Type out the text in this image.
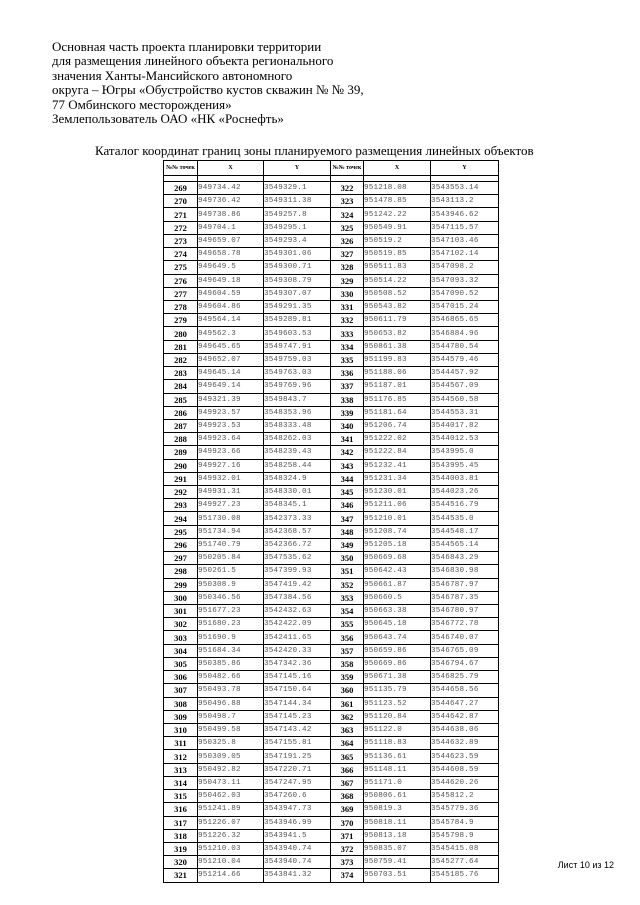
Основная часть проекта планировки территории
для размещения линейного объекта регионального
значения Ханты-Мансийского автономного
округа – Югры «Обустройство кустов скважин № № 39,
77 Омбинского месторождения»
Землепользователь ОАО «НК «Роснефть»
Каталог координат границ зоны планируемого размещения линейных объектов
№№ точек	X	Y	№№ точек	X	Y

269	949734.42	3549329.1	322	951218.08	3543553.14
270	949736.42	3549311.38	323	951478.85	3543113.2
271	949738.86	3549257.8	324	951242.22	3543946.62
272	949704.1	3549295.1	325	950549.91	3547115.57
273	949659.07	3549293.4	326	950519.2	3547103.46
274	949658.78	3549301.06	327	950519.85	3547102.14
275	949649.5	3549300.71	328	950511.83	3547098.2
276	949649.18	3549308.79	329	950514.22	3547093.32
277	949604.59	3549307.07	330	950508.52	3547090.52
278	949604.86	3549291.35	331	950543.82	3547015.24
279	949564.14	3549289.81	332	950611.79	3546865.65
280	949562.3	3549603.53	333	950653.82	3546884.96
281	949645.65	3549747.91	334	950861.38	3544780.54
282	949652.07	3549759.03	335	951199.83	3544579.46
283	949645.14	3549763.03	336	951188.06	3544457.92
284	949649.14	3549769.96	337	951187.01	3544567.09
285	949321.39	3549843.7	338	951176.85	3544560.58
286	949923.57	3548353.96	339	951181.64	3544553.31
287	949923.53	3548333.48	340	951206.74	3544017.82
288	949923.64	3548262.03	341	951222.02	3544012.53
289	949923.66	3548239.43	342	951222.84	3543995.0
290	949927.16	3548258.44	343	951232.41	3543995.45
291	949932.01	3548324.9	344	951231.34	3544003.81
292	949931.31	3548330.01	345	951230.01	3544023.26
293	949927.23	3548345.1	346	951211.06	3544516.79
294	951730.08	3542373.33	347	951210.01	3544535.0
295	951734.94	3542368.57	348	951208.74	3544548.17
296	951740.79	3542366.72	349	951205.18	3544565.14
297	950205.84	3547535.62	350	950669.68	3546843.29
298	950261.5	3547399.93	351	950642.43	3546830.98
299	950308.9	3547419.42	352	950661.87	3546787.97
300	950346.56	3547384.56	353	950660.5	3546787.35
301	951677.23	3542432.63	354	950663.38	3546780.97
302	951680.23	3542422.09	355	950645.18	3546772.78
303	951690.9	3542411.65	356	950643.74	3546740.07
304	951684.34	3542420.33	357	950659.86	3546765.09
305	950385.86	3547342.36	358	950669.86	3546794.67
306	950482.66	3547145.16	359	950671.38	3546825.79
307	950493.78	3547150.64	360	951135.79	3544658.56
308	950496.88	3547144.34	361	951123.52	3544647.27
309	950498.7	3547145.23	362	951120.84	3544642.87
310	950499.58	3547143.42	363	951122.0	3544638.06
311	950325.8	3547155.81	364	951118.83	3544632.89
312	950309.05	3547191.25	365	951136.61	3544623.59
313	950492.82	3547220.71	366	951148.11	3544608.59
314	950473.11	3547247.95	367	951171.0	3544620.26
315	950462.03	3547260.6	368	950806.61	3545812.2
316	951241.89	3543947.73	369	950819.3	3545779.36
317	951226.07	3543946.99	370	950818.11	3545784.9
318	951226.32	3543941.5	371	950813.18	3545798.9
319	951210.03	3543940.74	372	950835.07	3545415.08
320	951210.04	3543940.74	373	950759.41	3545277.64
321	951214.66	3543841.32	374	950703.51	3545185.76
Лист 10 из 12
